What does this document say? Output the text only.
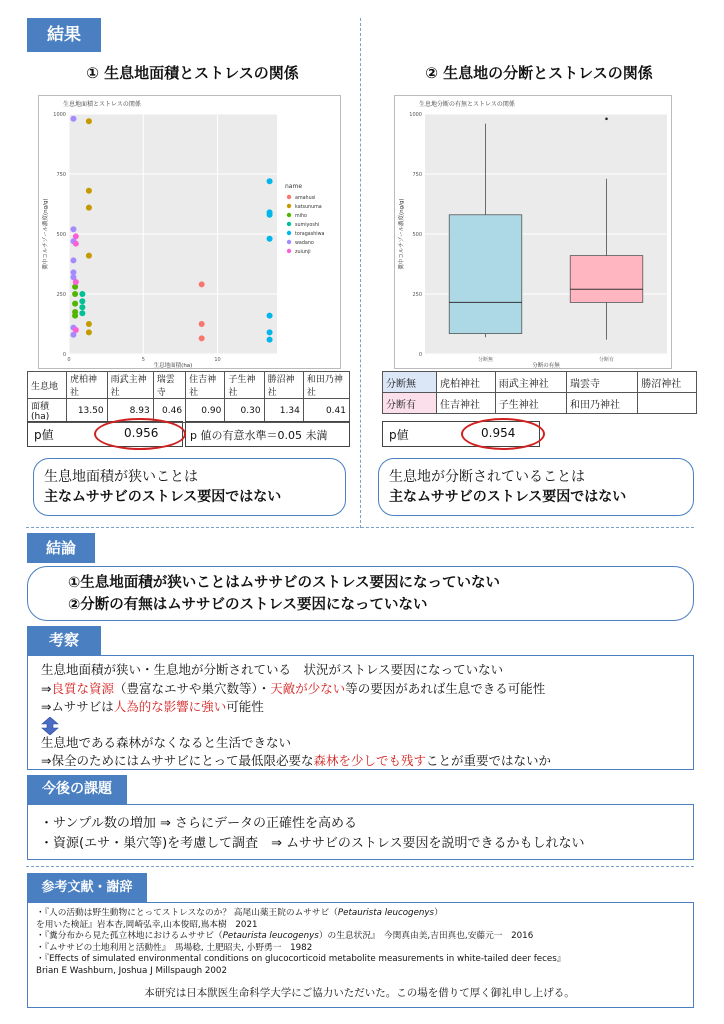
結果
① 生息地面積とストレスの関係
生息地面積とストレスの関係
0
250
500
750
1000
0	5	10
生息地面積(ha)
糞中コルチゾール濃度(ng/g)
name
amahusi
katsunuma
miho
sumiyoshi
toragashiwa
wadano
zuiunji
生息地	虎柏神社	雨武主神社	瑞雲寺	住吉神社	子生神社	勝沼神社	和田乃神社
面積(ha)	13.50	8.93	0.46	0.90	0.30	1.34	0.41
p値	0.956	p 値の有意水準＝0.05 未満
生息地面積が狭いことは
主なムササビのストレス要因ではない
② 生息地の分断とストレスの関係
生息地分断の有無とストレスの関係
0
250
500
750
1000
分断の有無
糞中コルチゾール濃度(ng/g)
分断無	分断有
分断無	虎柏神社	雨武主神社	瑞雲寺	勝沼神社
分断有	住吉神社	子生神社	和田乃神社	
p値	0.954
生息地が分断されていることは
主なムササビのストレス要因ではない
結論
①生息地面積が狭いことはムササビのストレス要因になっていない
②分断の有無はムササビのストレス要因になっていない
考察
生息地面積が狭い・生息地が分断されている　状況がストレス要因になっていない
⇒良質な資源（豊富なエサや巣穴数等）・天敵が少ない等の要因があれば生息できる可能性
⇒ムササビは人為的な影響に強い可能性
生息地である森林がなくなると生活できない
⇒保全のためにはムササビにとって最低限必要な森林を少しでも残すことが重要ではないか
今後の課題
・サンプル数の増加 ⇒ さらにデータの正確性を高める
・資源(エサ・巣穴等)を考慮して調査　⇒ ムササビのストレス要因を説明できるかもしれない
参考文献・謝辞
・『人の活動は野生動物にとってストレスなのか？ 高尾山薬王院のムササビ（Petaurista leucogenys）
を用いた検証』岩本杏,岡崎弘幸,山本俊昭,嶌本樹　2021
・『糞分布から見た孤立林地におけるムササビ（Petaurista leucogenys）の生息状況』　今関真由美,吉田真也,安藤元一　2016
・『ムササビの土地利用と活動性』　馬場稔, 土肥昭夫, 小野勇一　1982
・『Effects of simulated environmental conditions on glucocorticoid metabolite measurements in white-tailed deer feces』
Brian E Washburn, Joshua J Millspaugh 2002
本研究は日本獣医生命科学大学にご協力いただいた。この場を借りて厚く御礼申し上げる。
